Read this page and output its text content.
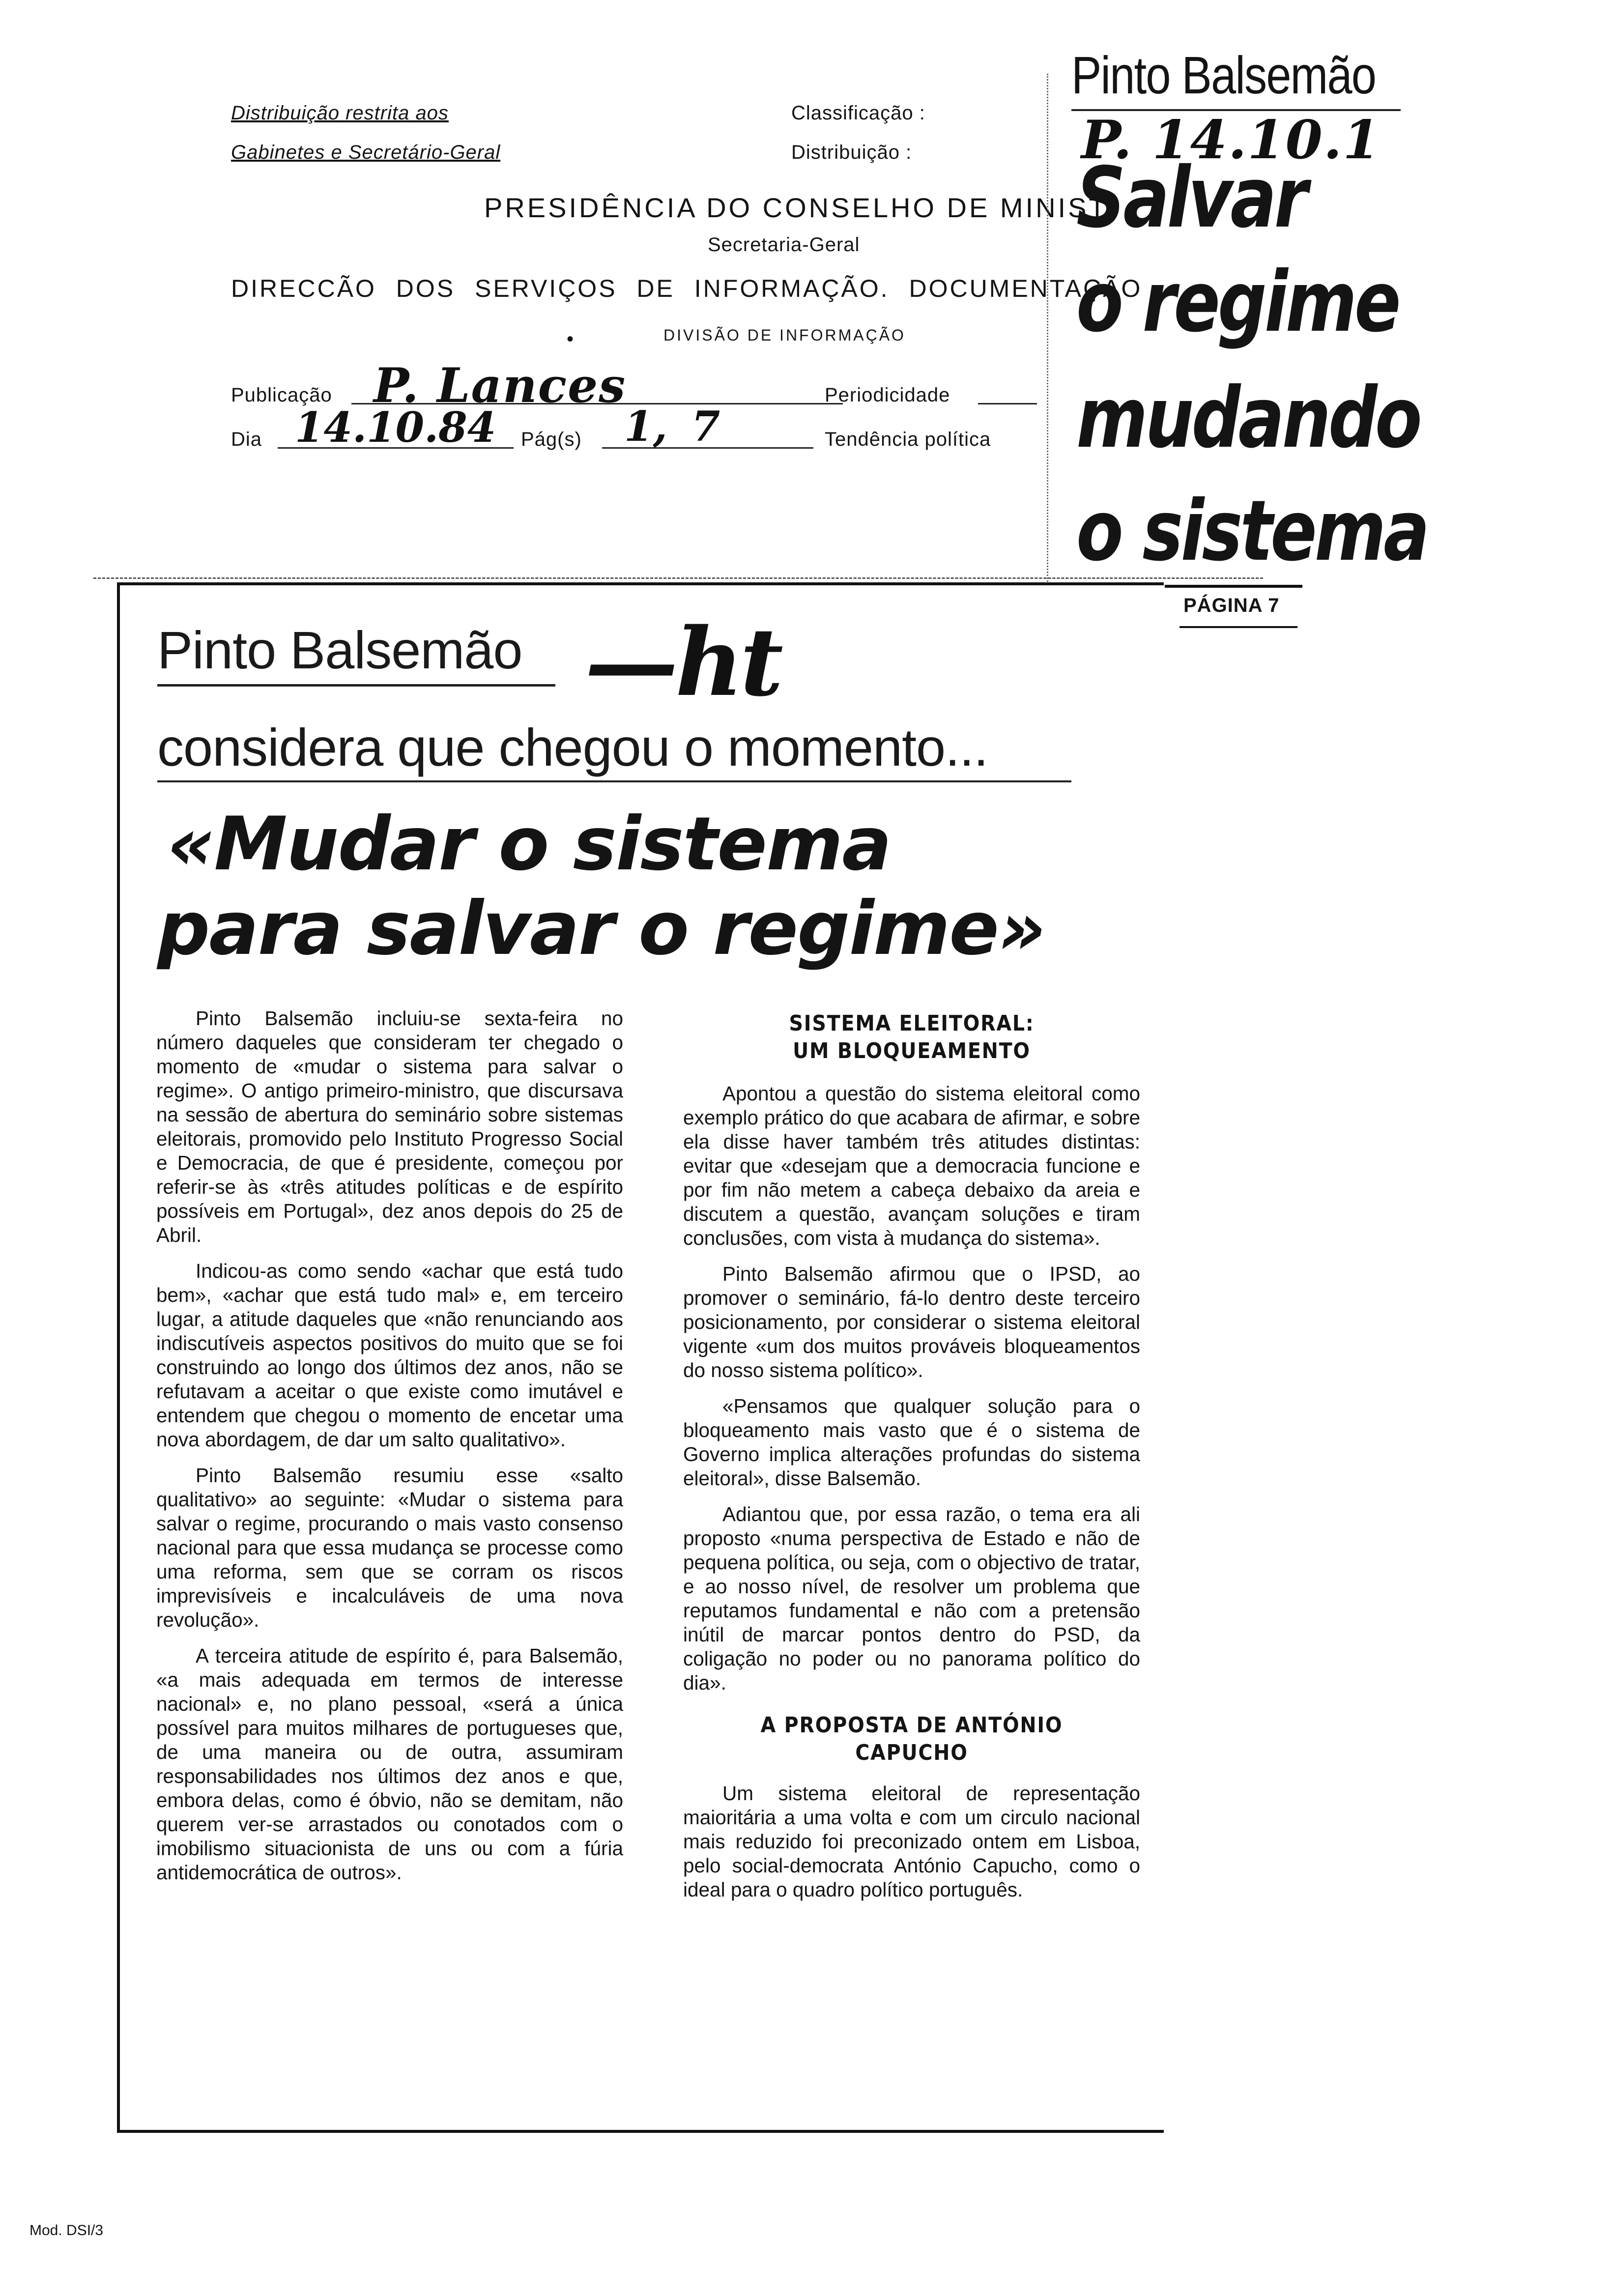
Distribuição restrita aos
Gabinetes e Secretário-Geral
Classificação :
Distribuição :
PRESIDÊNCIA DO CONSELHO DE MINIST
Secretaria-Geral
DIRECCÃO DOS SERVIÇOS DE INFORMAÇÃO. DOCUMENTAÇÃO
•	DIVISÃO DE INFORMAÇÃO
Publicação P. Lances	Periodicidade
Dia 14.10.84 Pág(s) 1, 7	Tendência política
Pinto Balsemão
P. 14.10.1
Salvar
o regime
mudando
o sistema
PÁGINA 7
Pinto Balsemão —ht
considera que chegou o momento...
«Mudar o sistema
para salvar o regime»

Pinto Balsemão incluiu-se sexta-feira no número daqueles que consideram ter chegado o momento de «mudar o sistema para salvar o regime». O antigo primeiro-ministro, que discursava na sessão de abertura do seminário sobre sistemas eleitorais, promovido pelo Instituto Progresso Social e Democracia, de que é presidente, começou por referir-se às «três atitudes políticas e de espírito possíveis em Portugal», dez anos depois do 25 de Abril.

Indicou-as como sendo «achar que está tudo bem», «achar que está tudo mal» e, em terceiro lugar, a atitude daqueles que «não renunciando aos indiscutíveis aspectos positivos do muito que se foi construindo ao longo dos últimos dez anos, não se refutavam a aceitar o que existe como imutável e entendem que chegou o momento de encetar uma nova abordagem, de dar um salto qualitativo».

Pinto Balsemão resumiu esse «salto qualitativo» ao seguinte: «Mudar o sistema para salvar o regime, procurando o mais vasto consenso nacional para que essa mudança se processe como uma reforma, sem que se corram os riscos imprevisíveis e incalculáveis de uma nova revolução».

A terceira atitude de espírito é, para Balsemão, «a mais adequada em termos de interesse nacional» e, no plano pessoal, «será a única possível para muitos milhares de portugueses que, de uma maneira ou de outra, assumiram responsabilidades nos últimos dez anos e que, embora delas, como é óbvio, não se demitam, não querem ver-se arrastados ou conotados com o imobilismo situacionista de uns ou com a fúria antidemocrática de outros».

SISTEMA ELEITORAL:
UM BLOQUEAMENTO

Apontou a questão do sistema eleitoral como exemplo prático do que acabara de afirmar, e sobre ela disse haver também três atitudes distintas: evitar que «desejam que a democracia funcione e por fim não metem a cabeça debaixo da areia e discutem a questão, avançam soluções e tiram conclusões, com vista à mudança do sistema».

Pinto Balsemão afirmou que o IPSD, ao promover o seminário, fá-lo dentro deste terceiro posicionamento, por considerar o sistema eleitoral vigente «um dos muitos prováveis bloqueamentos do nosso sistema político».

«Pensamos que qualquer solução para o bloqueamento mais vasto que é o sistema de Governo implica alterações profundas do sistema eleitoral», disse Balsemão.

Adiantou que, por essa razão, o tema era ali proposto «numa perspectiva de Estado e não de pequena política, ou seja, com o objectivo de tratar, e ao nosso nível, de resolver um problema que reputamos fundamental e não com a pretensão inútil de marcar pontos dentro do PSD, da coligação no poder ou no panorama político do dia».

A PROPOSTA DE ANTÓNIO CAPUCHO

Um sistema eleitoral de representação maioritária a uma volta e com um circulo nacional mais reduzido foi preconizado ontem em Lisboa, pelo social-democrata António Capucho, como o ideal para o quadro político português.

Mod. DSI/3
